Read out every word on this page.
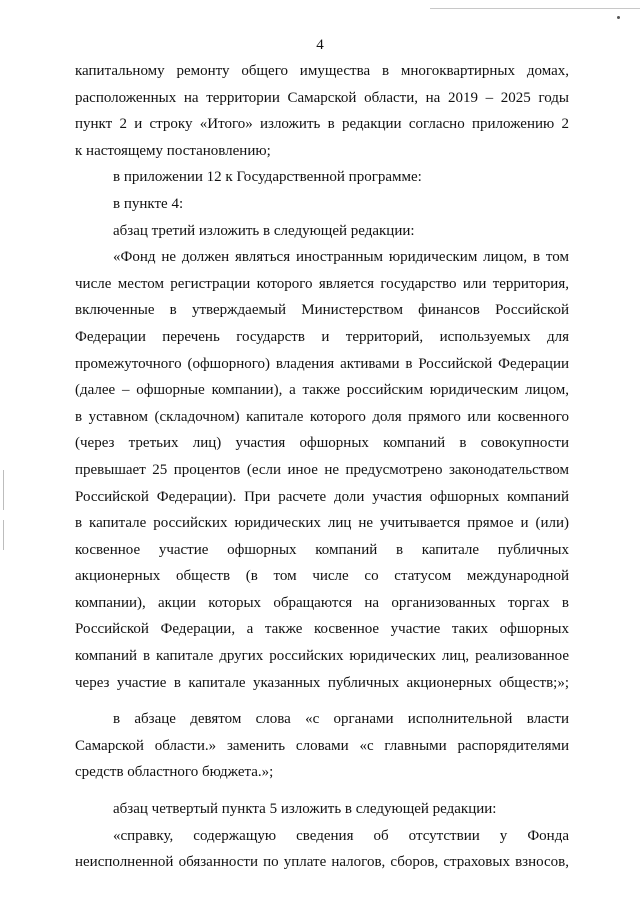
4
капитальному ремонту общего имущества в многоквартирных домах,
расположенных на территории Самарской области, на 2019 – 2025 годы
пункт 2 и строку «Итого» изложить в редакции согласно приложению 2
к настоящему постановлению;
в приложении 12 к Государственной программе:
в пункте 4:
абзац третий изложить в следующей редакции:
«Фонд не должен являться иностранным юридическим лицом, в том
числе местом регистрации которого является государство или территория,
включенные в утверждаемый Министерством финансов Российской
Федерации перечень государств и территорий, используемых для
промежуточного (офшорного) владения активами в Российской Федерации
(далее – офшорные компании), а также российским юридическим лицом,
в уставном (складочном) капитале которого доля прямого или косвенного
(через третьих лиц) участия офшорных компаний в совокупности
превышает 25 процентов (если иное не предусмотрено законодательством
Российской Федерации). При расчете доли участия офшорных компаний
в капитале российских юридических лиц не учитывается прямое и (или)
косвенное участие офшорных компаний в капитале публичных
акционерных обществ (в том числе со статусом международной
компании), акции которых обращаются на организованных торгах в
Российской Федерации, а также косвенное участие таких офшорных
компаний в капитале других российских юридических лиц, реализованное
через участие в капитале указанных публичных акционерных обществ;»;
в абзаце девятом слова «с органами исполнительной власти
Самарской области.» заменить словами «с главными распорядителями
средств областного бюджета.»;
абзац четвертый пункта 5 изложить в следующей редакции:
«справку, содержащую сведения об отсутствии у Фонда
неисполненной обязанности по уплате налогов, сборов, страховых взносов,
